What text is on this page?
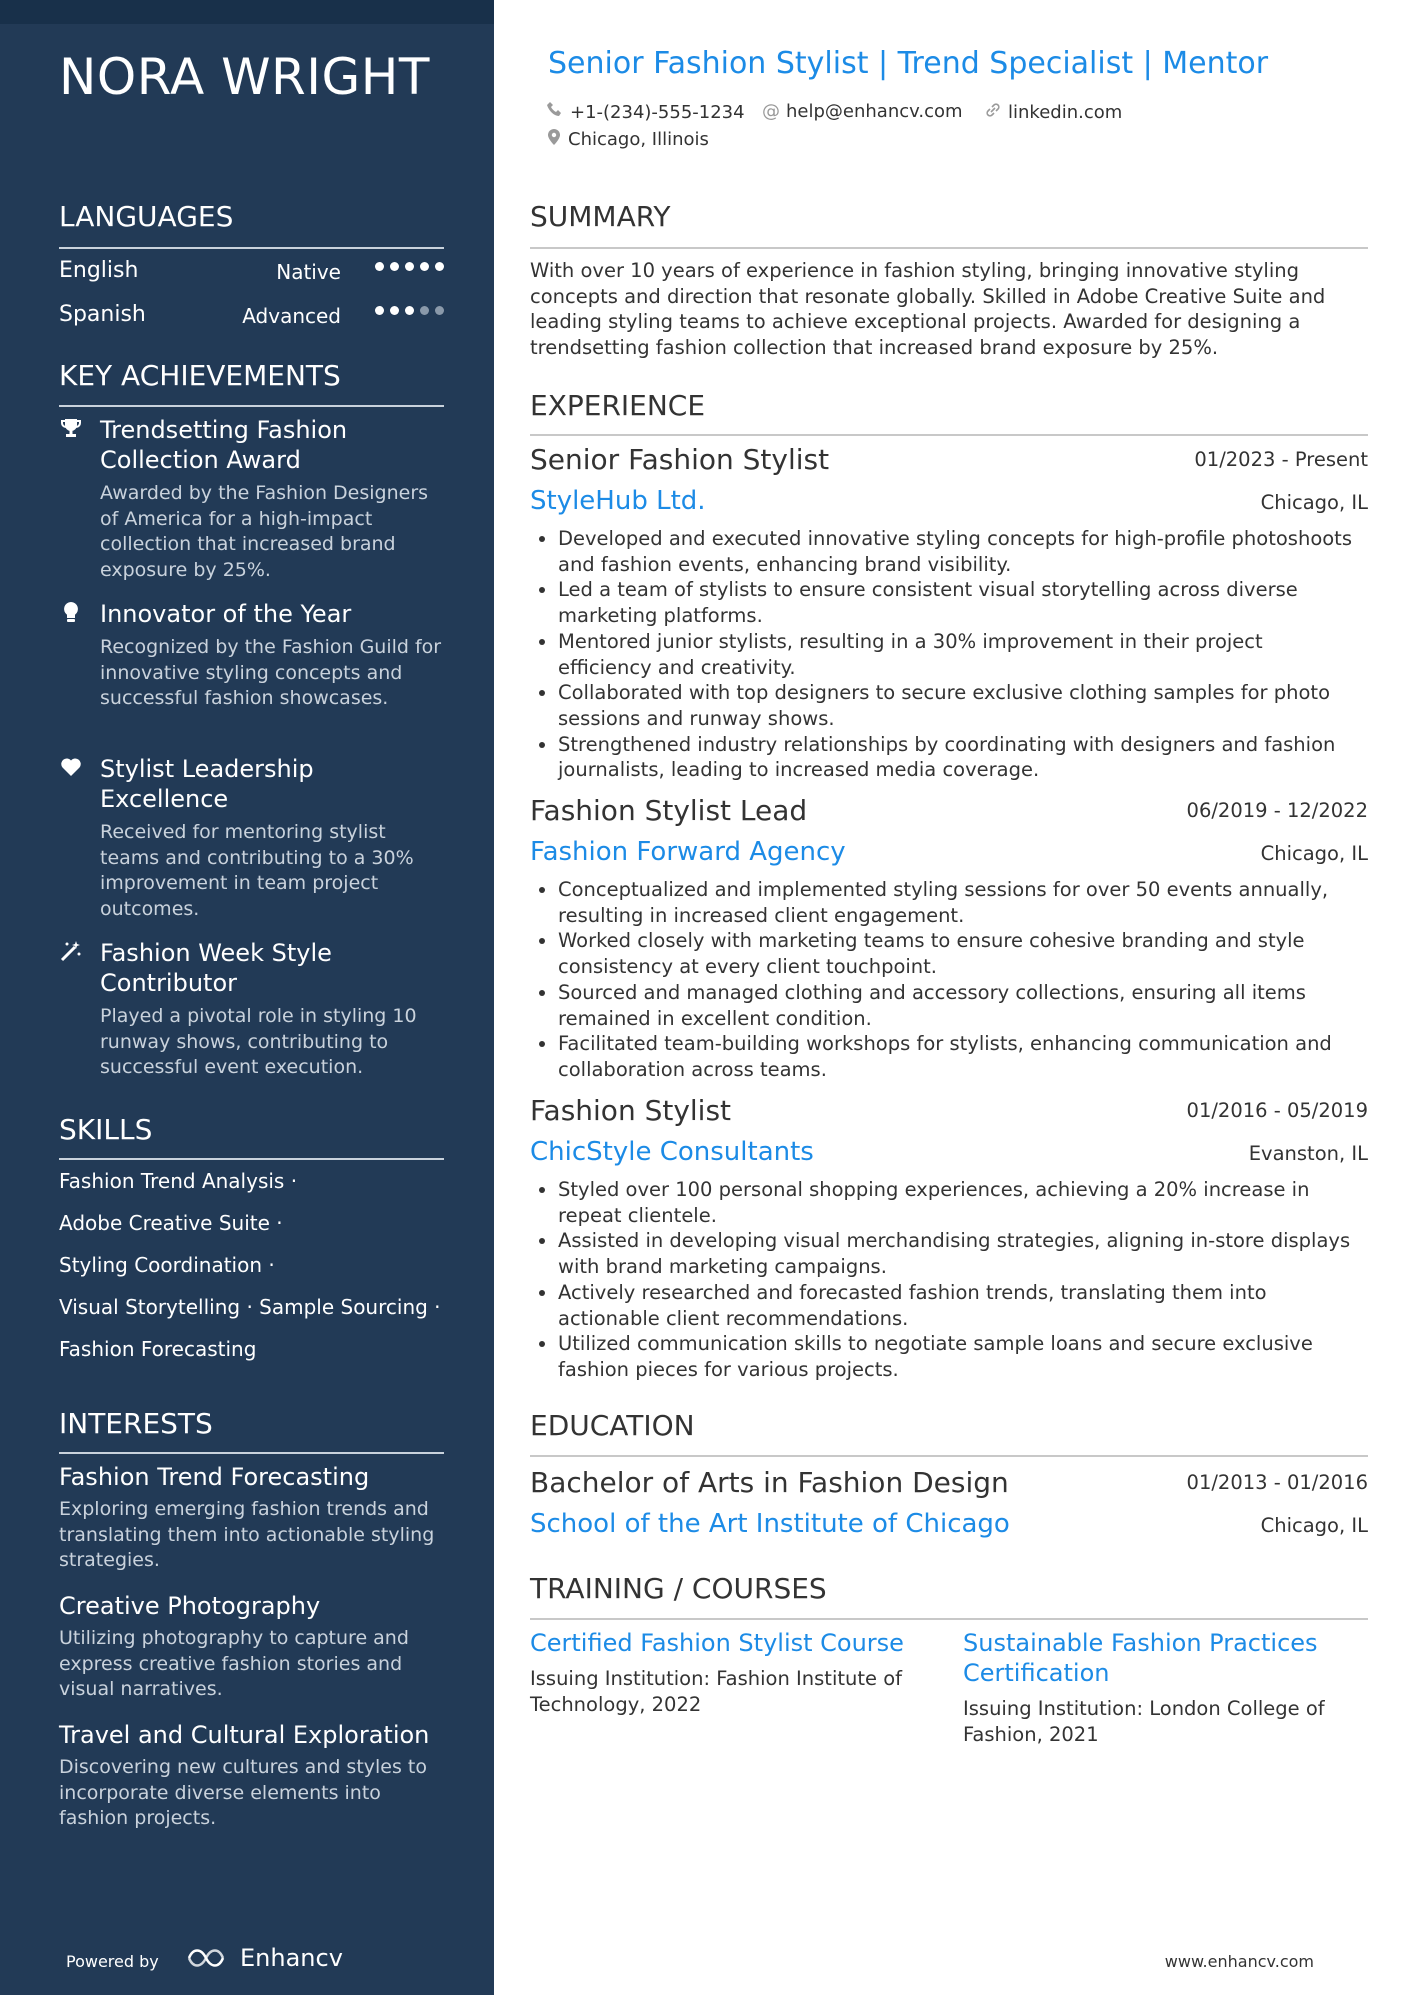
NORA WRIGHT
LANGUAGES
English	Native
Spanish	Advanced
KEY ACHIEVEMENTS
Trendsetting Fashion Collection Award
Awarded by the Fashion Designers of America for a high-impact collection that increased brand exposure by 25%.
Innovator of the Year
Recognized by the Fashion Guild for innovative styling concepts and successful fashion showcases.
Stylist Leadership Excellence
Received for mentoring stylist teams and contributing to a 30% improvement in team project outcomes.
Fashion Week Style Contributor
Played a pivotal role in styling 10 runway shows, contributing to successful event execution.
SKILLS
Fashion Trend Analysis ·
Adobe Creative Suite ·
Styling Coordination ·
Visual Storytelling · Sample Sourcing ·
Fashion Forecasting
INTERESTS
Fashion Trend Forecasting
Exploring emerging fashion trends and translating them into actionable styling strategies.
Creative Photography
Utilizing photography to capture and express creative fashion stories and visual narratives.
Travel and Cultural Exploration
Discovering new cultures and styles to incorporate diverse elements into fashion projects.
Powered by	Enhancv
Senior Fashion Stylist | Trend Specialist | Mentor
+1-(234)-555-1234 @ help@enhancv.com	linkedin.com
Chicago, Illinois
SUMMARY
With over 10 years of experience in fashion styling, bringing innovative styling concepts and direction that resonate globally. Skilled in Adobe Creative Suite and leading styling teams to achieve exceptional projects. Awarded for designing a trendsetting fashion collection that increased brand exposure by 25%.
EXPERIENCE
Senior Fashion Stylist	01/2023 - Present
StyleHub Ltd.	Chicago, IL
• Developed and executed innovative styling concepts for high-profile photoshoots and fashion events, enhancing brand visibility.
• Led a team of stylists to ensure consistent visual storytelling across diverse marketing platforms.
• Mentored junior stylists, resulting in a 30% improvement in their project efficiency and creativity.
• Collaborated with top designers to secure exclusive clothing samples for photo sessions and runway shows.
• Strengthened industry relationships by coordinating with designers and fashion journalists, leading to increased media coverage.
Fashion Stylist Lead	06/2019 - 12/2022
Fashion Forward Agency	Chicago, IL
• Conceptualized and implemented styling sessions for over 50 events annually, resulting in increased client engagement.
• Worked closely with marketing teams to ensure cohesive branding and style consistency at every client touchpoint.
• Sourced and managed clothing and accessory collections, ensuring all items remained in excellent condition.
• Facilitated team-building workshops for stylists, enhancing communication and collaboration across teams.
Fashion Stylist	01/2016 - 05/2019
ChicStyle Consultants	Evanston, IL
• Styled over 100 personal shopping experiences, achieving a 20% increase in repeat clientele.
• Assisted in developing visual merchandising strategies, aligning in-store displays with brand marketing campaigns.
• Actively researched and forecasted fashion trends, translating them into actionable client recommendations.
• Utilized communication skills to negotiate sample loans and secure exclusive fashion pieces for various projects.
EDUCATION
Bachelor of Arts in Fashion Design	01/2013 - 01/2016
School of the Art Institute of Chicago	Chicago, IL
TRAINING / COURSES
Certified Fashion Stylist Course
Issuing Institution: Fashion Institute of Technology, 2022
Sustainable Fashion Practices Certification
Issuing Institution: London College of Fashion, 2021
www.enhancv.com
